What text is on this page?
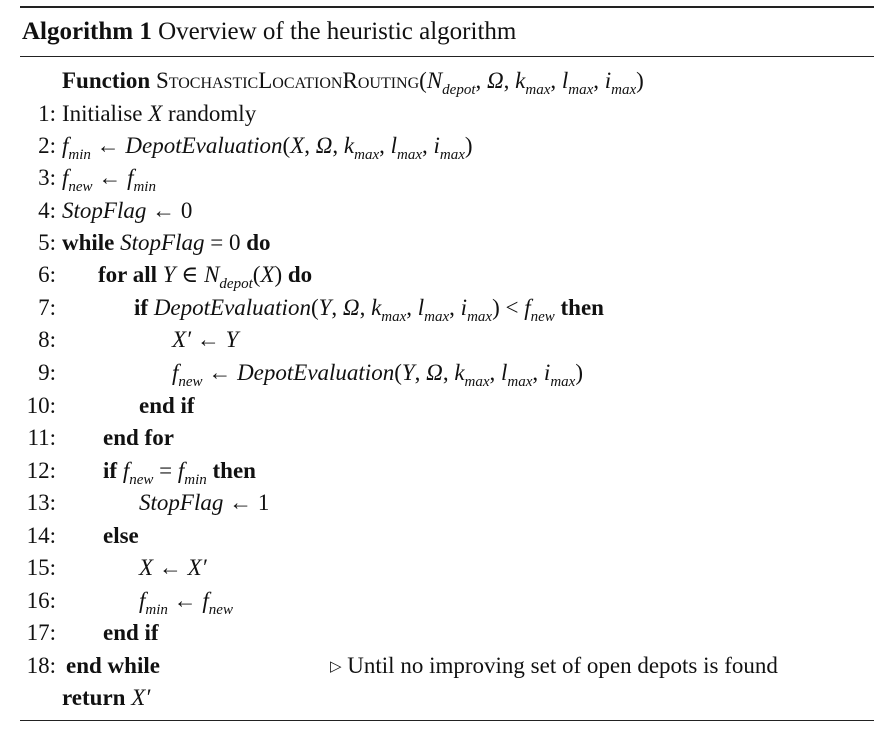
Algorithm 1 Overview of the heuristic algorithm
Function $StochasticLocationRouting(N_{depot}$, Ω, $k_{max}$, $l_{max}$, $i_{max}$)
1: Initialise X randomly
2: $f_{min}$ ← DepotEvaluation(X, Ω, $k_{max}$, $l_{max}$, $i_{max}$)
3: $f_{new}$ ← $f_{min}$
4: StopFlag ← 0
5: while StopFlag = 0 do
6: for all Y ∈ $N_{depot}(X)$ do
7:	if DepotEvaluation(Y, Ω, $k_{max}$, $l_{max}$, $i_{max}) < f_{new}$ then
8:	X′ ← Y
9:	$f_{new}$ ← DepotEvaluation(Y, Ω, $k_{max}$, $l_{max}$, $i_{max}$)
10:	end if
11: end for
12: if $f_{new} = f_{min}$ then
13:	StopFlag ← 1
14: else
15:	X ← X′
16:	$f_{min}$ ← $f_{new}$
17: end if
18: end while	▷ Until no improving set of open depots is found
return X′
